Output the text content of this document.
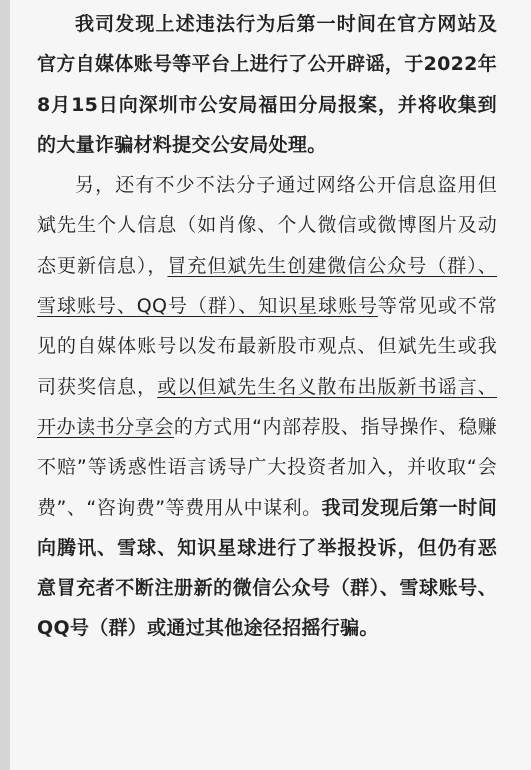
我司发现上述违法行为后第一时间在官方网站及官方自媒体账号等平台上进行了公开辟谣，于2022年8月15日向深圳市公安局福田分局报案，并将收集到的大量诈骗材料提交公安局处理。

另，还有不少不法分子通过网络公开信息盗用但斌先生个人信息（如肖像、个人微信或微博图片及动态更新信息），冒充但斌先生创建微信公众号（群）、雪球账号、QQ号（群）、知识星球账号等常见或不常见的自媒体账号以发布最新股市观点、但斌先生或我司获奖信息，或以但斌先生名义散布出版新书谣言、开办读书分享会的方式用“内部荐股、指导操作、稳赚不赔”等诱惑性语言诱导广大投资者加入，并收取“会费”、“咨询费”等费用从中谋利。我司发现后第一时间向腾讯、雪球、知识星球进行了举报投诉，但仍有恶意冒充者不断注册新的微信公众号（群）、雪球账号、QQ号（群）或通过其他途径招摇行骗。
